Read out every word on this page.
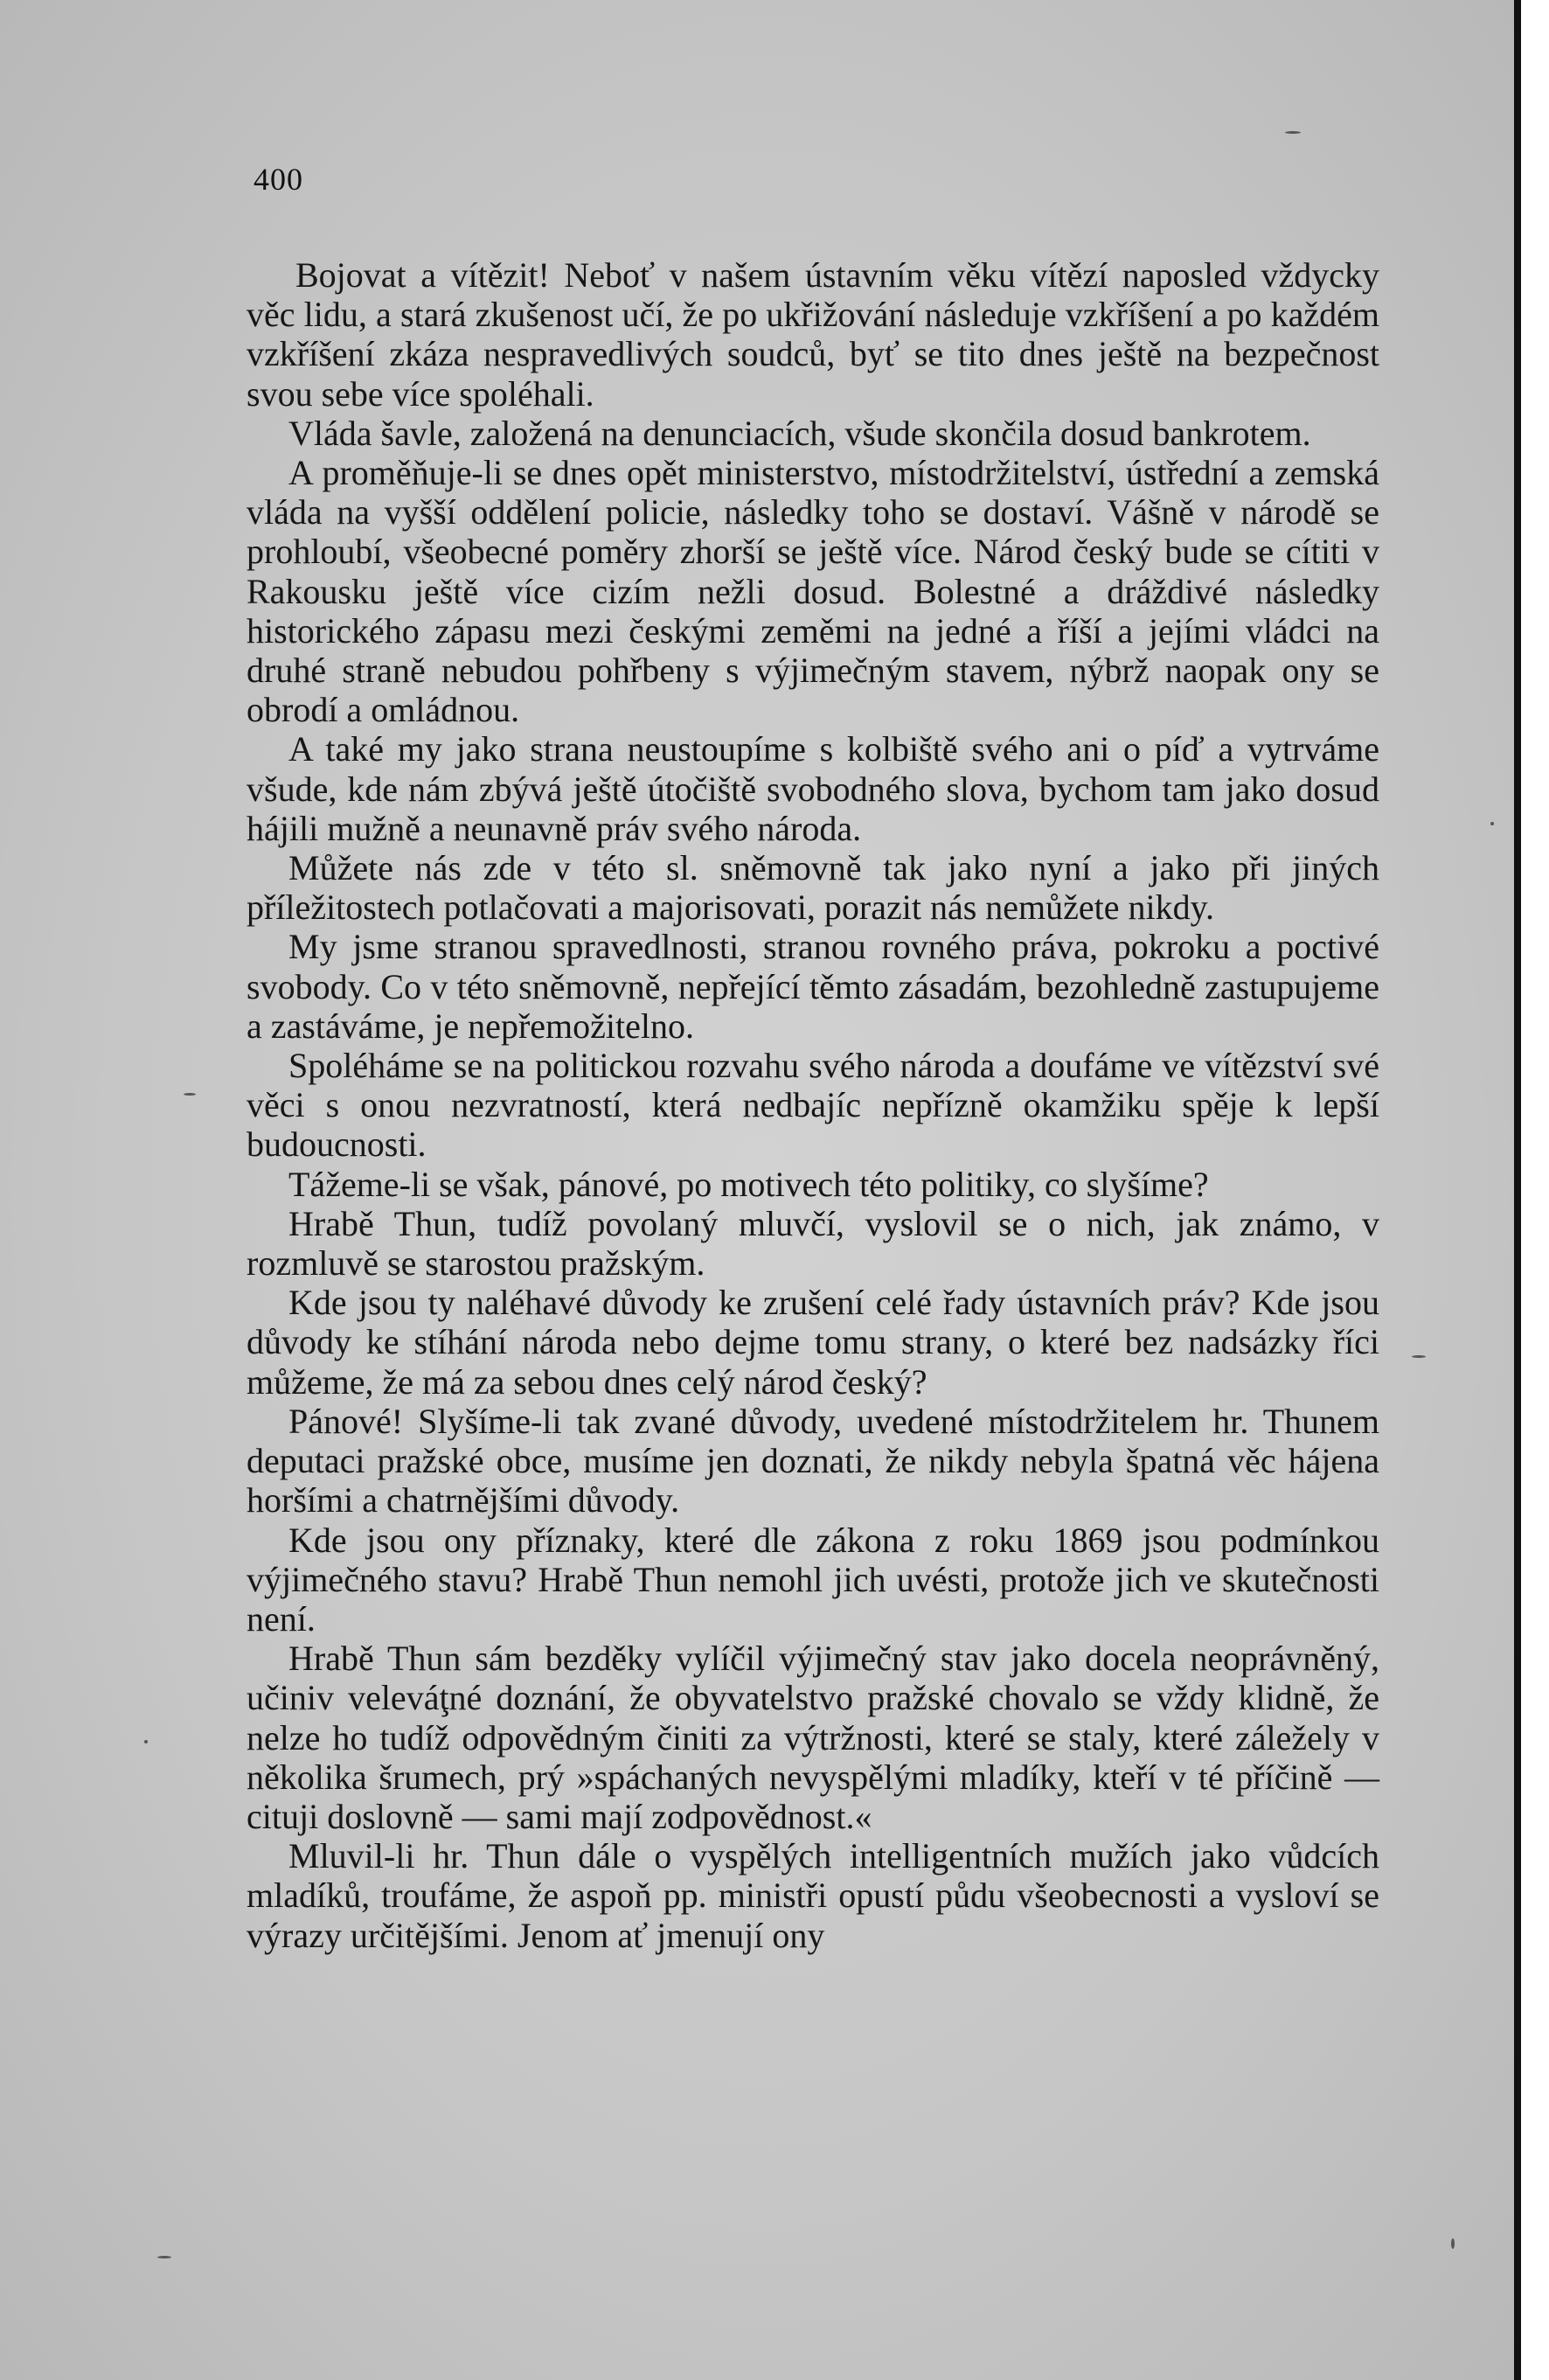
400

Bojovat a vítězit! Neboť v našem ústavním věku vítězí naposled vždycky věc lidu, a stará zkušenost učí, že po ukřižování následuje vzkříšení a po každém vzkříšení zkáza nespravedlivých soudců, byť se tito dnes ještě na bezpečnost svou sebe více spoléhali.

Vláda šavle, založená na denunciacích, všude skončila dosud bankrotem.

A proměňuje-li se dnes opět ministerstvo, místodržitelství, ústřední a zemská vláda na vyšší oddělení policie, následky toho se dostaví. Vášně v národě se prohloubí, všeobecné poměry zhorší se ještě více. Národ český bude se cítiti v Rakousku ještě více cizím nežli dosud. Bolestné a dráždivé následky historického zápasu mezi českými zeměmi na jedné a říší a jejími vládci na druhé straně nebudou pohřbeny s výjimečným stavem, nýbrž naopak ony se obrodí a omládnou.

A také my jako strana neustoupíme s kolbiště svého ani o píď a vytrváme všude, kde nám zbývá ještě útočiště svobodného slova, bychom tam jako dosud hájili mužně a neunavně práv svého národa.

Můžete nás zde v této sl. sněmovně tak jako nyní a jako při jiných příležitostech potlačovati a majorisovati, porazit nás nemůžete nikdy.

My jsme stranou spravedlnosti, stranou rovného práva, pokroku a poctivé svobody. Co v této sněmovně, nepřející těmto zásadám, bezohledně zastupujeme a zastáváme, je nepřemožitelno.

Spoléháme se na politickou rozvahu svého národa a doufáme ve vítězství své věci s onou nezvratností, která nedbajíc nepřízně okamžiku spěje k lepší budoucnosti.

Tážeme-li se však, pánové, po motivech této politiky, co slyšíme?

Hrabě Thun, tudíž povolaný mluvčí, vyslovil se o nich, jak známo, v rozmluvě se starostou pražským.

Kde jsou ty naléhavé důvody ke zrušení celé řady ústavních práv? Kde jsou důvody ke stíhání národa nebo dejme tomu strany, o které bez nadsázky říci můžeme, že má za sebou dnes celý národ český?

Pánové! Slyšíme-li tak zvané důvody, uvedené místodržitelem hr. Thunem deputaci pražské obce, musíme jen doznati, že nikdy nebyla špatná věc hájena horšími a chatrnějšími důvody.

Kde jsou ony příznaky, které dle zákona z roku 1869 jsou podmínkou výjimečného stavu? Hrabě Thun nemohl jich uvésti, protože jich ve skutečnosti není.

Hrabě Thun sám bezděky vylíčil výjimečný stav jako docela neoprávněný, učiniv veleváţné doznání, že obyvatelstvo pražské chovalo se vždy klidně, že nelze ho tudíž odpovědným činiti za výtržnosti, které se staly, které záležely v několika šrumech, prý »spáchaných nevyspělými mladíky, kteří v té příčině — cituji doslovně — sami mají zodpovědnost.«

Mluvil-li hr. Thun dále o vyspělých intelligentních mužích jako vůdcích mladíků, troufáme, že aspoň pp. ministři opustí půdu všeobecnosti a vysloví se výrazy určitějšími. Jenom ať jmenují ony
